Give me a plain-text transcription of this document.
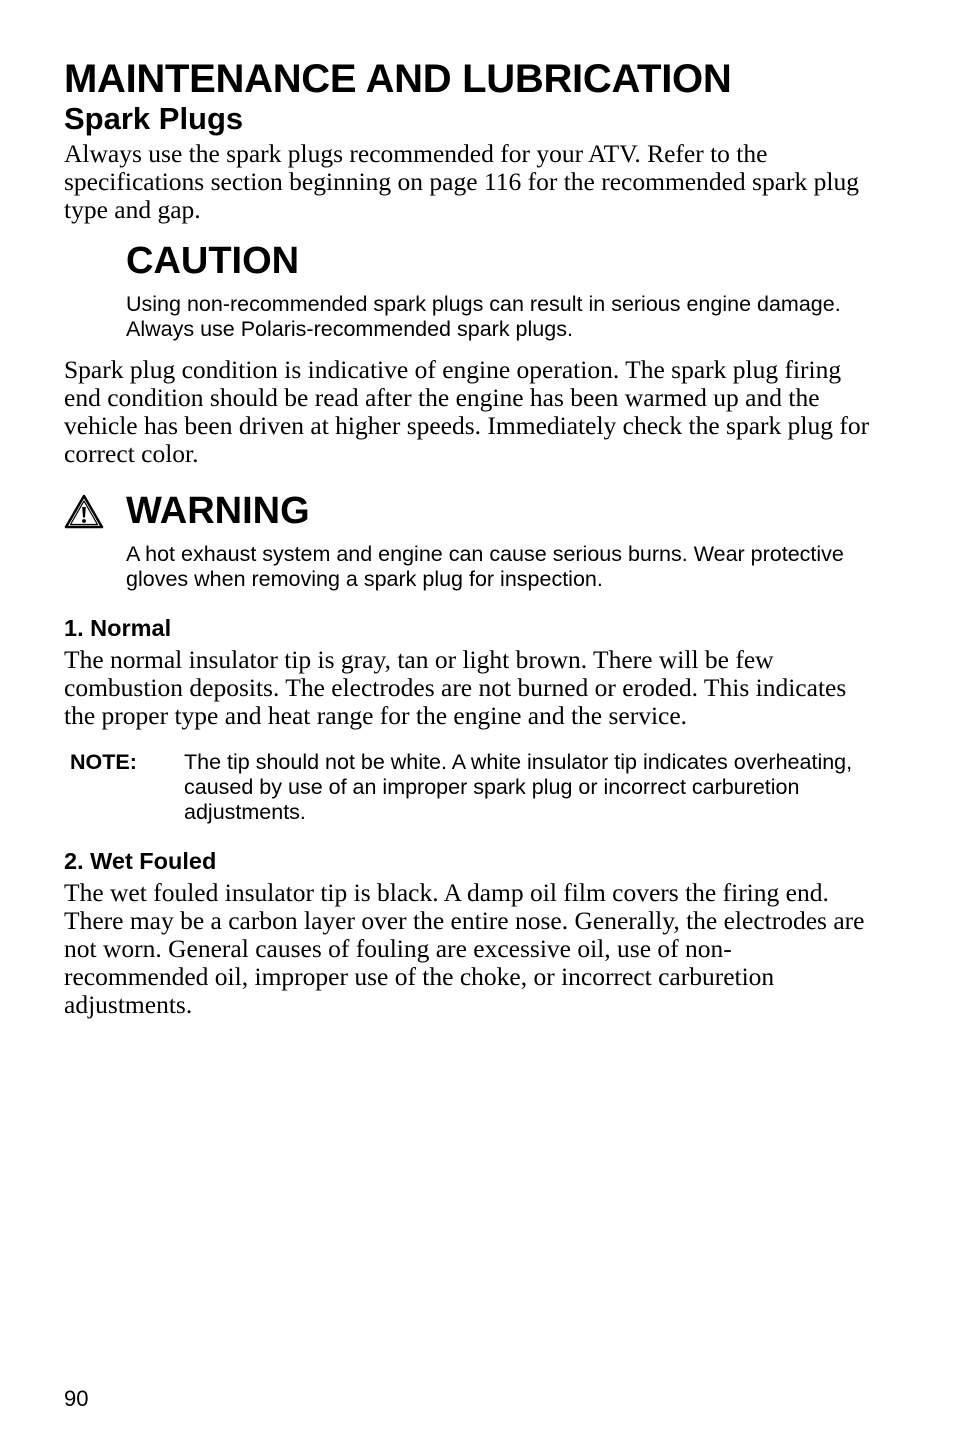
MAINTENANCE AND LUBRICATION
Spark Plugs

Always use the spark plugs recommended for your ATV. Refer to the specifications section beginning on page 116 for the recommended spark plug type and gap.

CAUTION

Using non-recommended spark plugs can result in serious engine damage. Always use Polaris-recommended spark plugs.

Spark plug condition is indicative of engine operation. The spark plug firing end condition should be read after the engine has been warmed up and the vehicle has been driven at higher speeds. Immediately check the spark plug for correct color.

WARNING

A hot exhaust system and engine can cause serious burns. Wear protective gloves when removing a spark plug for inspection.

1. Normal

The normal insulator tip is gray, tan or light brown. There will be few combustion deposits. The electrodes are not burned or eroded. This indicates the proper type and heat range for the engine and the service.

NOTE:	The tip should not be white. A white insulator tip indicates overheating, caused by use of an improper spark plug or incorrect carburetion adjustments.
2. Wet Fouled

The wet fouled insulator tip is black. A damp oil film covers the firing end. There may be a carbon layer over the entire nose. Generally, the electrodes are not worn. General causes of fouling are excessive oil, use of non-recommended oil, improper use of the choke, or incorrect carburetion adjustments.

90
